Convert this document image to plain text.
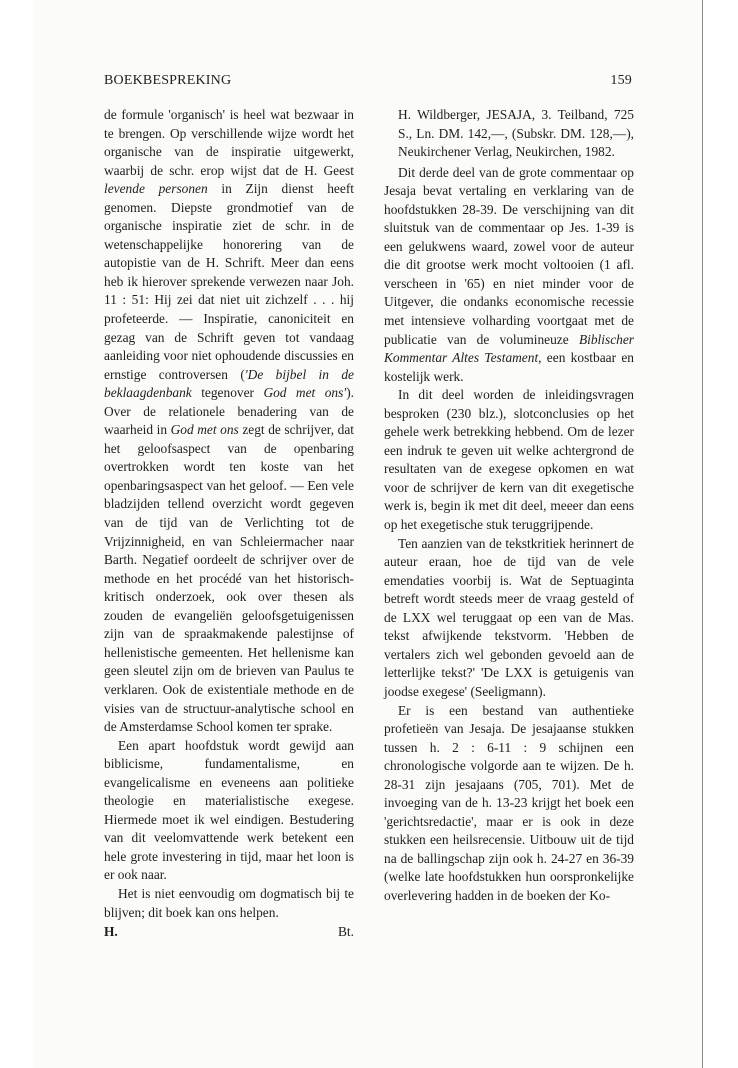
BOEKBESPREKING	159

de formule 'organisch' is heel wat bezwaar in te brengen. Op verschillende wijze wordt het organische van de inspiratie uitgewerkt, waarbij de schr. erop wijst dat de H. Geest levende personen in Zijn dienst heeft genomen. Diepste grondmotief van de organische inspiratie ziet de schr. in de wetenschappelijke honorering van de autopistie van de H. Schrift. Meer dan eens heb ik hierover sprekende verwezen naar Joh. 11 : 51: Hij zei dat niet uit zichzelf . . . hij profeteerde. — Inspiratie, canoniciteit en gezag van de Schrift geven tot vandaag aanleiding voor niet ophoudende discussies en ernstige controversen ('De bijbel in de beklaagdenbank tegenover God met ons'). Over de relationele benadering van de waarheid in God met ons zegt de schrijver, dat het geloofsaspect van de openbaring overtrokken wordt ten koste van het openbaringsaspect van het geloof. — Een vele bladzijden tellend overzicht wordt gegeven van de tijd van de Verlichting tot de Vrijzinnigheid, en van Schleiermacher naar Barth. Negatief oordeelt de schrijver over de methode en het procédé van het historisch-kritisch onderzoek, ook over thesen als zouden de evangeliën geloofsgetuigenissen zijn van de spraakmakende palestijnse of hellenistische gemeenten. Het hellenisme kan geen sleutel zijn om de brieven van Paulus te verklaren. Ook de existentiale methode en de visies van de structuur-analytische school en de Amsterdamse School komen ter sprake.

Een apart hoofdstuk wordt gewijd aan biblicisme, fundamentalisme, en evangelicalisme en eveneens aan politieke theologie en materialistische exegese. Hiermede moet ik wel eindigen. Bestudering van dit veelomvattende werk betekent een hele grote investering in tijd, maar het loon is er ook naar.

Het is niet eenvoudig om dogmatisch bij te blijven; dit boek kan ons helpen.

H.	Bt.

H. Wildberger, JESAJA, 3. Teilband, 725 S., Ln. DM. 142,—, (Subskr. DM. 128,—), Neukirchener Verlag, Neukirchen, 1982.

Dit derde deel van de grote commentaar op Jesaja bevat vertaling en verklaring van de hoofdstukken 28-39. De verschijning van dit sluitstuk van de commentaar op Jes. 1-39 is een gelukwens waard, zowel voor de auteur die dit grootse werk mocht voltooien (1 afl. verscheen in '65) en niet minder voor de Uitgever, die ondanks economische recessie met intensieve volharding voortgaat met de publicatie van de voluminеuze Biblischer Kommentar Altes Testament, een kostbaar en kostelijk werk.

In dit deel worden de inleidingsvragen besproken (230 blz.), slotconclusies op het gehele werk betrekking hebbend. Om de lezer een indruk te geven uit welke achtergrond de resultaten van de exegese opkomen en wat voor de schrijver de kern van dit exegetische werk is, begin ik met dit deel, meeer dan eens op het exegetische stuk teruggrijpende.

Ten aanzien van de tekstkritiek herinnert de auteur eraan, hoe de tijd van de vele emendaties voorbij is. Wat de Septuaginta betreft wordt steeds meer de vraag gesteld of de LXX wel teruggaat op een van de Mas. tekst afwijkende tekstvorm. 'Hebben de vertalers zich wel gebonden gevoeld aan de letterlijke tekst?' 'De LXX is getuigenis van joodse exegese' (Seeligmann).

Er is een bestand van authentieke profetieën van Jesaja. De jesajaanse stukken tussen h. 2 : 6-11 : 9 schijnen een chronologische volgorde aan te wijzen. De h. 28-31 zijn jesajaans (705, 701). Met de invoeging van de h. 13-23 krijgt het boek een 'gerichtsredactie', maar er is ook in deze stukken een heilsrecensie. Uitbouw uit de tijd na de ballingschap zijn ook h. 24-27 en 36-39 (welke late hoofdstukken hun oorspronkelijke overlevering hadden in de boeken der Ko-
